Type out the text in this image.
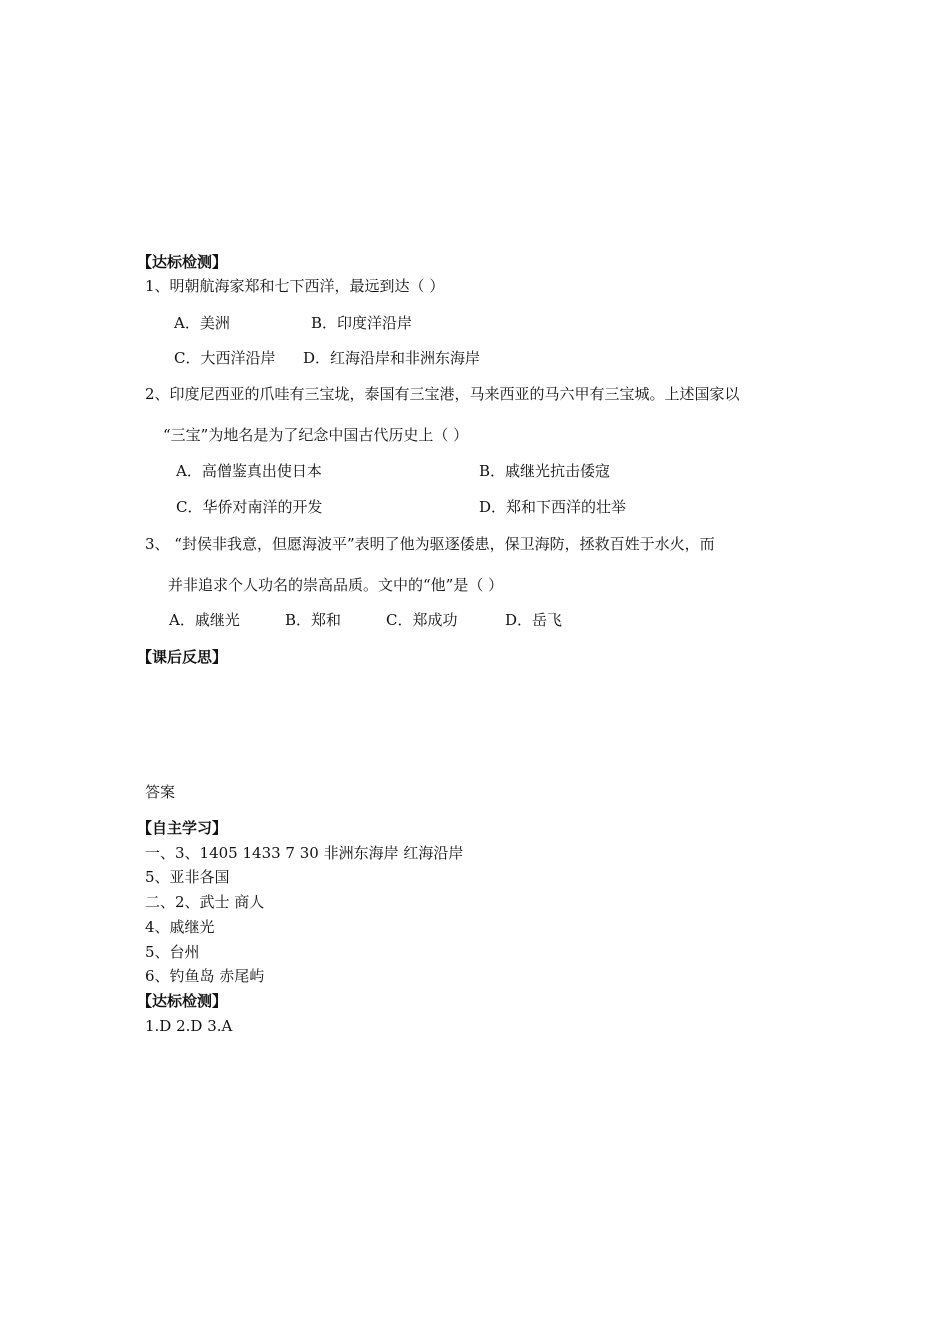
【达标检测】
1、明朝航海家郑和七下西洋，最远到达（ ）
A．美洲	B．印度洋沿岸
C．大西洋沿岸 D．红海沿岸和非洲东海岸
2、印度尼西亚的爪哇有三宝垅，泰国有三宝港，马来西亚的马六甲有三宝城。上述国家以
“三宝”为地名是为了纪念中国古代历史上（ ）
A．高僧鉴真出使日本	B．戚继光抗击倭寇
C．华侨对南洋的开发	D．郑和下西洋的壮举
3、 “封侯非我意，但愿海波平”表明了他为驱逐倭患，保卫海防，拯救百姓于水火，而
并非追求个人功名的崇高品质。文中的“他”是（ ）
A．戚继光	B．郑和	C．郑成功	D．岳飞
【课后反思】
答案
【自主学习】
一、3、1405 1433 7 30 非洲东海岸 红海沿岸
5、亚非各国
二、2、武士 商人
4、戚继光
5、台州
6、钓鱼岛 赤尾屿
【达标检测】
1.D 2.D 3.A
